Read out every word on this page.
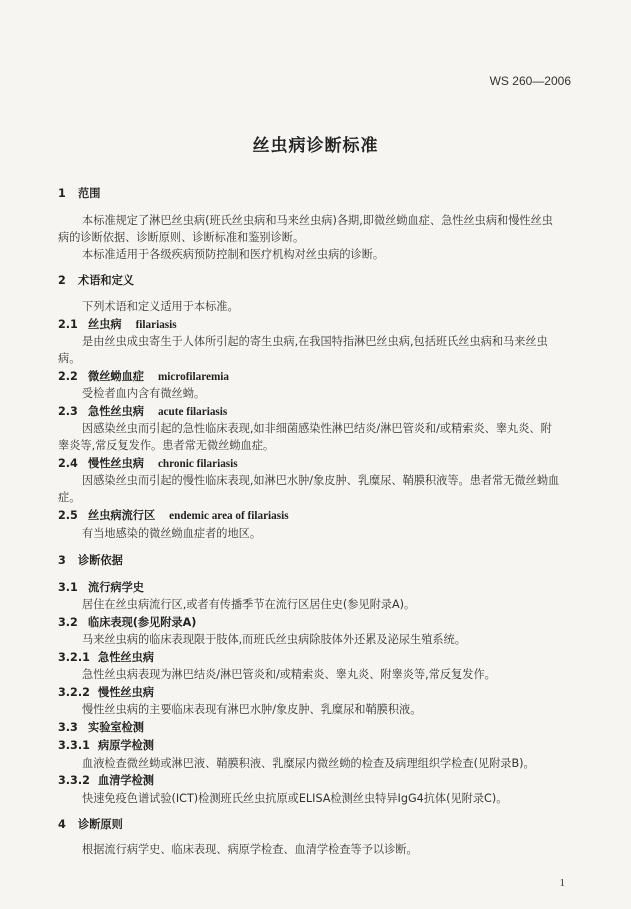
WS 260—2006
丝虫病诊断标准
1 范围
本标准规定了淋巴丝虫病(班氏丝虫病和马来丝虫病)各期,即微丝蚴血症、急性丝虫病和慢性丝虫
病的诊断依据、诊断原则、诊断标准和鉴别诊断。
本标准适用于各级疾病预防控制和医疗机构对丝虫病的诊断。
2 术语和定义
下列术语和定义适用于本标准。
2.1 丝虫病 filariasis
是由丝虫成虫寄生于人体所引起的寄生虫病,在我国特指淋巴丝虫病,包括班氏丝虫病和马来丝虫
病。
2.2 微丝蚴血症 microfilaremia
受检者血内含有微丝蚴。
2.3 急性丝虫病 acute filariasis
因感染丝虫而引起的急性临床表现,如非细菌感染性淋巴结炎/淋巴管炎和/或精索炎、睾丸炎、附
睾炎等,常反复发作。患者常无微丝蚴血症。
2.4 慢性丝虫病 chronic filariasis
因感染丝虫而引起的慢性临床表现,如淋巴水肿/象皮肿、乳糜尿、鞘膜积液等。患者常无微丝蚴血
症。
2.5 丝虫病流行区 endemic area of filariasis
有当地感染的微丝蚴血症者的地区。
3 诊断依据
3.1 流行病学史
居住在丝虫病流行区,或者有传播季节在流行区居住史(参见附录A)。
3.2 临床表现(参见附录A)
马来丝虫病的临床表现限于肢体,而班氏丝虫病除肢体外还累及泌尿生殖系统。
3.2.1 急性丝虫病
急性丝虫病表现为淋巴结炎/淋巴管炎和/或精索炎、睾丸炎、附睾炎等,常反复发作。
3.2.2 慢性丝虫病
慢性丝虫病的主要临床表现有淋巴水肿/象皮肿、乳糜尿和鞘膜积液。
3.3 实验室检测
3.3.1 病原学检测
血液检查微丝蚴或淋巴液、鞘膜积液、乳糜尿内微丝蚴的检查及病理组织学检查(见附录B)。
3.3.2 血清学检测
快速免疫色谱试验(ICT)检测班氏丝虫抗原或ELISA检测丝虫特异IgG4抗体(见附录C)。
4 诊断原则
根据流行病学史、临床表现、病原学检查、血清学检查等予以诊断。
1
